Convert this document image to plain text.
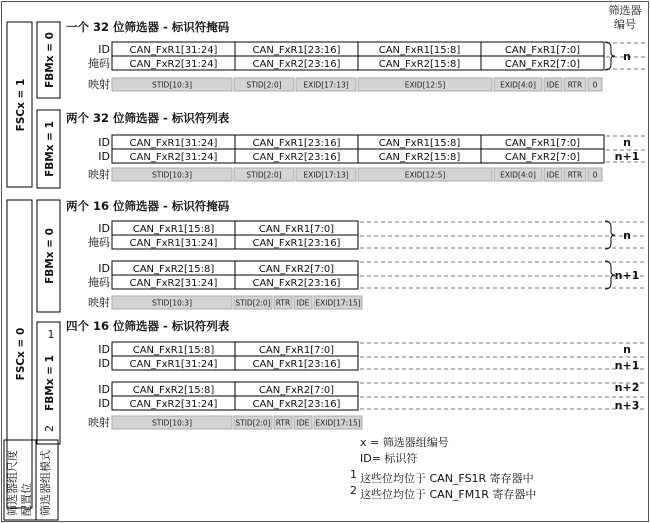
筛选器
编号
FSCx = 1
FSCx = 0
FBMx = 0
FBMx = 1
FBMx = 0
FBMx = 1
1
筛选器组尺度 配置位 筛选器组模式
2
一个 32 位筛选器 - 标识符掩码
ID CAN_FxR1[31:24]	CAN_FxR1[23:16]	CAN_FxR1[15:8]	CAN_FxR1[7:0]
掩码 CAN_FxR2[31:24]	CAN_FxR2[23:16]	CAN_FxR2[15:8]	CAN_FxR2[7:0]
n
映射	STID[10:3]	STID[2:0]	EXID[17:13]	EXID[12:5]	EXID[4:0] IDE RTR 0
两个 32 位筛选器 - 标识符列表
ID CAN_FxR1[31:24]	CAN_FxR1[23:16]	CAN_FxR1[15:8]	CAN_FxR1[7:0]
ID CAN_FxR2[31:24]	CAN_FxR2[23:16]	CAN_FxR2[15:8]	CAN_FxR2[7:0]
n
n+1
映射	STID[10:3]	STID[2:0]	EXID[17:13]	EXID[12:5]	EXID[4:0] IDE RTR 0
两个 16 位筛选器 - 标识符掩码
ID CAN_FxR1[15:8]	CAN_FxR1[7:0]
掩码 CAN_FxR1[31:24]	CAN_FxR1[23:16]
n
ID CAN_FxR2[15:8]	CAN_FxR2[7:0]
掩码 CAN_FxR2[31:24]	CAN_FxR2[23:16]
n+1
映射	STID[10:3]	STID[2:0] RTR IDE EXID[17:15]
四个 16 位筛选器 - 标识符列表
ID CAN_FxR1[15:8]	CAN_FxR1[7:0]
ID CAN_FxR1[31:24]	CAN_FxR1[23:16]
n
n+1
ID CAN_FxR2[15:8]	CAN_FxR2[7:0]
ID CAN_FxR2[31:24]	CAN_FxR2[23:16]
n+2
n+3
映射	STID[10:3]	STID[2:0] RTR IDE EXID[17:15]
x = 筛选器组编号
ID= 标识符
1 这些位均位于 CAN_FS1R 寄存器中
2 这些位均位于 CAN_FM1R 寄存器中
